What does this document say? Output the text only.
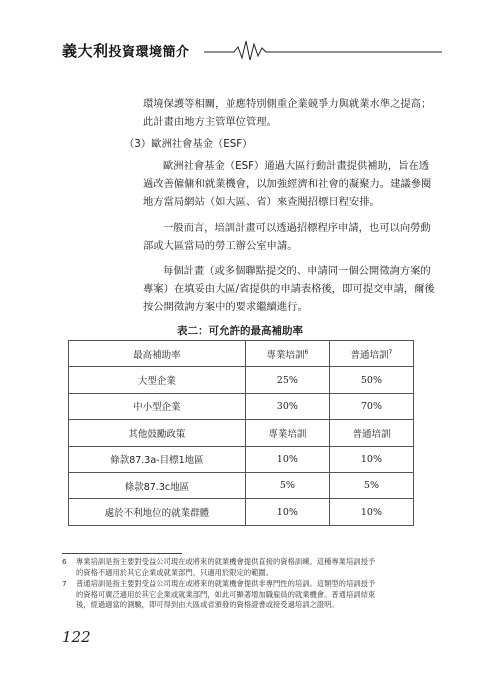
義大利投資環境簡介

環境保護等相關，並應特別側重企業競爭力與就業水準之提高；
此計畫由地方主管單位管理。

（3）歐洲社會基金（ESF）

歐洲社會基金（ESF）通過大區行動計畫提供補助，旨在透
過改善僱傭和就業機會，以加強經濟和社會的凝聚力。建議參閱
地方當局網站（如大區、省）來查閱招標日程安排。

一般而言，培訓計畫可以透過招標程序申請，也可以向勞動
部或大區當局的勞工辦公室申請。

每個計畫（或多個聯點提交的、申請同一個公開徵詢方案的
專案）在填妥由大區/省提供的申請表格後，即可提交申請，爾後
按公開徵詢方案中的要求繼續進行。

表二：可允許的最高補助率
最高補助率	專業培訓$^6$	普通培訓$^7$
大型企業	25%	50%
中小型企業	30%	70%
其他鼓勵政策	專業培訓	普通培訓
條款87.3a-目標1地區	10%	10%
條款87.3c地區	5%	5%
處於不利地位的就業群體	10%	10%
6 專業培訓是指主要對受益公司現在或將來的就業機會提供直接的資格訓練。這種專業培訓授予
的資格不適用於其它企業或就業部門，只適用於限定的範圍。
7 普通培訓是指主要對受益公司現在或將來的就業機會提供非專門性的培訓。這類型的培訓授予
的資格可廣泛適用於其它企業或就業部門，如此可顯著增加職雇員的就業機會。普通培訓結束
後，經過適當的測驗，即可得到由大區或省頒發的資格證書或接受過培訓之證明。
122
